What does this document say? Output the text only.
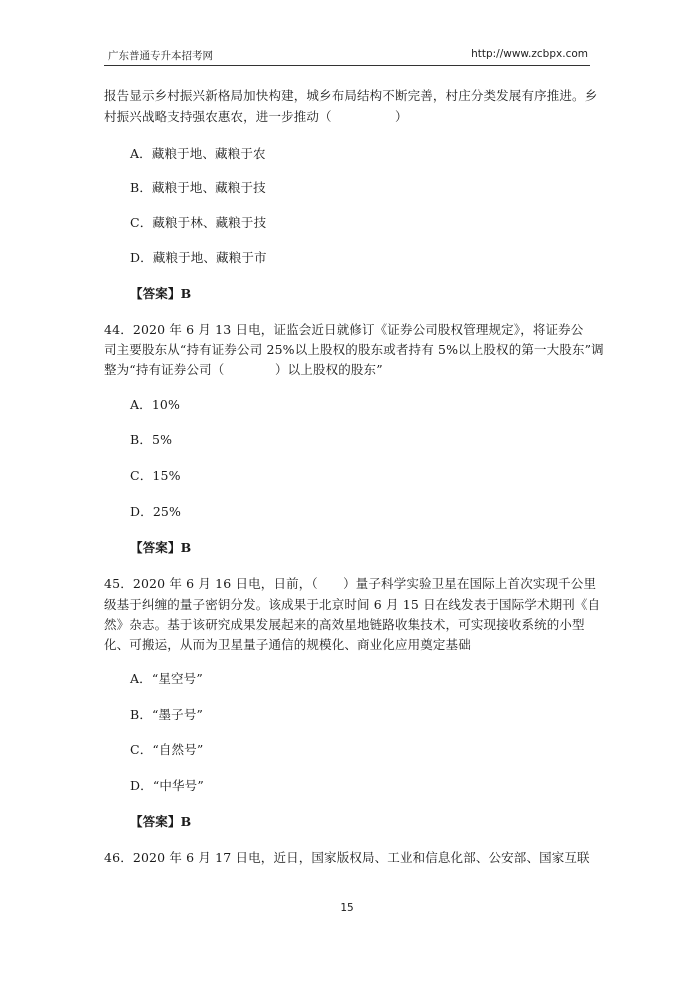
广东普通专升本招考网	http://www.zcbpx.com
报告显示乡村振兴新格局加快构建，城乡布局结构不断完善，村庄分类发展有序推进。乡
村振兴战略支持强农惠农，进一步推动（　　　　　）
A．藏粮于地、藏粮于农
B．藏粮于地、藏粮于技
C．藏粮于林、藏粮于技
D．藏粮于地、藏粮于市
【答案】B
44．2020 年 6 月 13 日电，证监会近日就修订《证券公司股权管理规定》，将证券公
司主要股东从“持有证券公司 25%以上股权的股东或者持有 5%以上股权的第一大股东”调
整为“持有证券公司（　　　　）以上股权的股东”
A．10%
B．5%
C．15%
D．25%
【答案】B
45．2020 年 6 月 16 日电，日前，（　　）量子科学实验卫星在国际上首次实现千公里
级基于纠缠的量子密钥分发。该成果于北京时间 6 月 15 日在线发表于国际学术期刊《自
然》杂志。基于该研究成果发展起来的高效星地链路收集技术，可实现接收系统的小型
化、可搬运，从而为卫星量子通信的规模化、商业化应用奠定基础
A．“星空号”
B．“墨子号”
C．“自然号”
D．“中华号”
【答案】B
46．2020 年 6 月 17 日电，近日，国家版权局、工业和信息化部、公安部、国家互联
15
